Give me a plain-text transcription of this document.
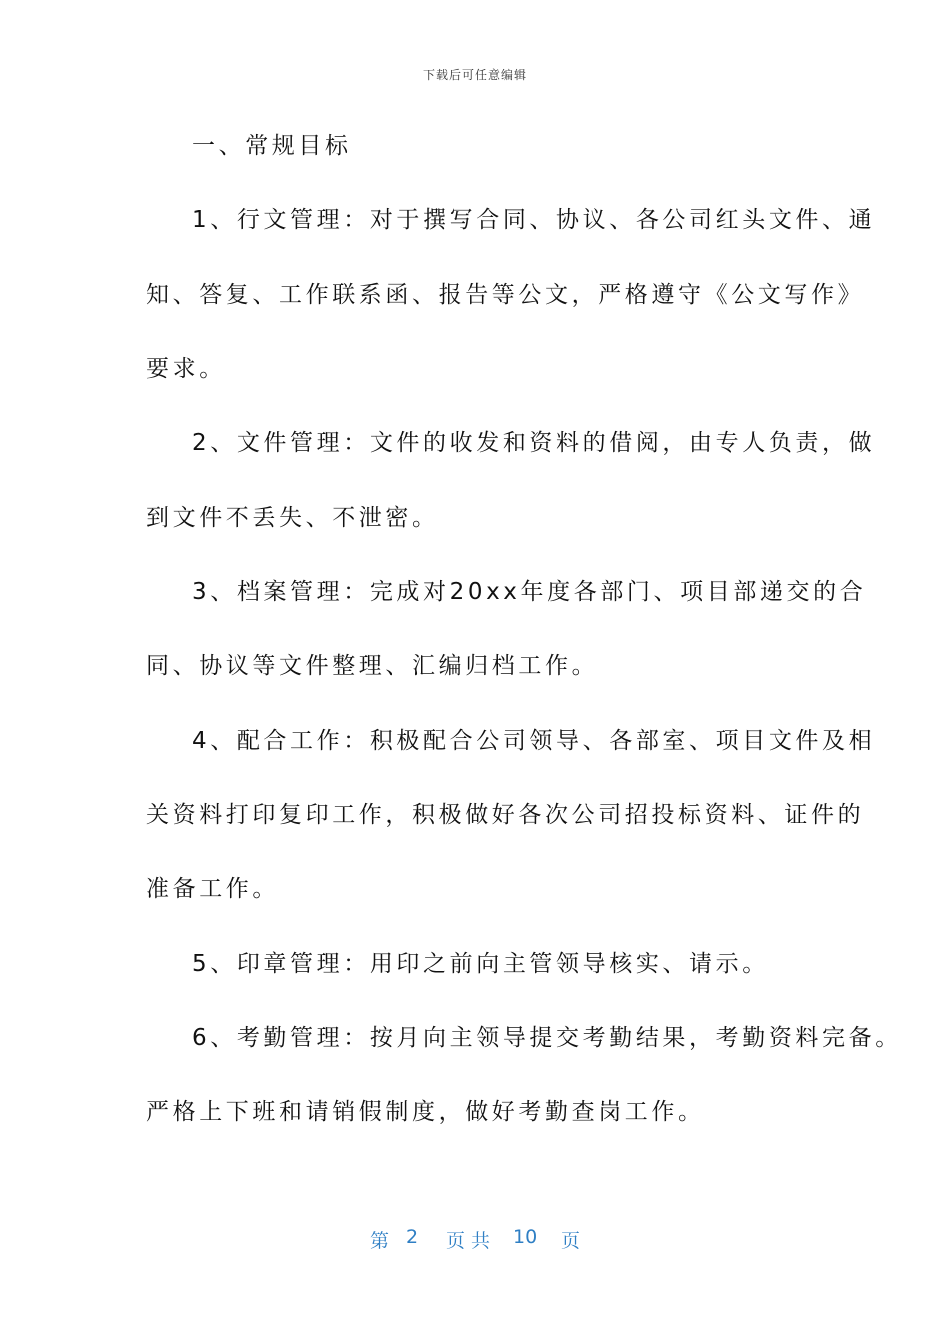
下载后可任意编辑
一、常规目标
1、行文管理：对于撰写合同、协议、各公司红头文件、通
知、答复、工作联系函、报告等公文，严格遵守《公文写作》
要求。
2、文件管理：文件的收发和资料的借阅，由专人负责，做
到文件不丢失、不泄密。
3、档案管理：完成对20xx年度各部门、项目部递交的合
同、协议等文件整理、汇编归档工作。
4、配合工作：积极配合公司领导、各部室、项目文件及相
关资料打印复印工作，积极做好各次公司招投标资料、证件的
准备工作。
5、印章管理：用印之前向主管领导核实、请示。
6、考勤管理：按月向主领导提交考勤结果，考勤资料完备。
严格上下班和请销假制度，做好考勤查岗工作。
第 2 页 共 10 页
